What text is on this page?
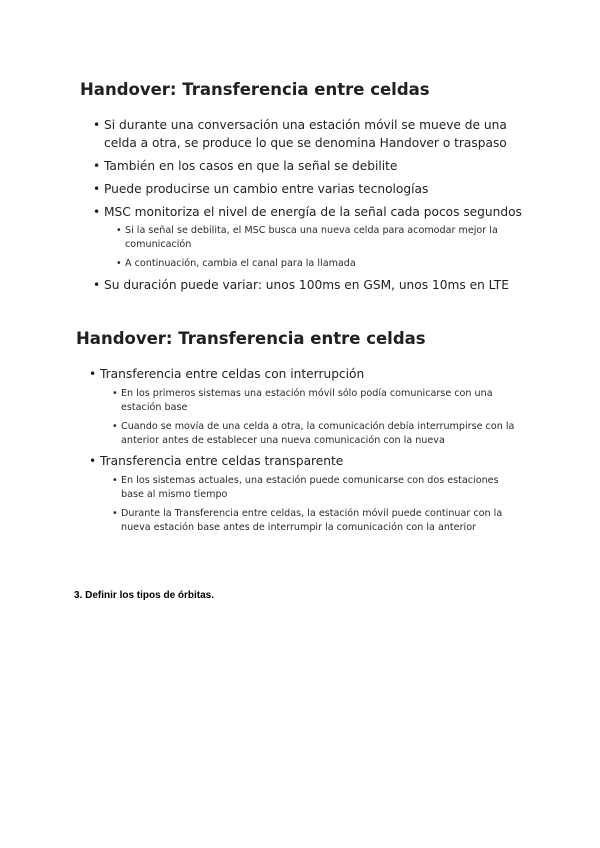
Handover: Transferencia entre celdas
• Si durante una conversación una estación móvil se mueve de una celda a otra, se produce lo que se denomina Handover o traspaso
• También en los casos en que la señal se debilite
• Puede producirse un cambio entre varias tecnologías
• MSC monitoriza el nivel de energía de la señal cada pocos segundos
• Si la señal se debilita, el MSC busca una nueva celda para acomodar mejor la comunicación
• A continuación, cambia el canal para la llamada
• Su duración puede variar: unos 100ms en GSM, unos 10ms en LTE
Handover: Transferencia entre celdas
• Transferencia entre celdas con interrupción
• En los primeros sistemas una estación móvil sólo podía comunicarse con una estación base
• Cuando se movía de una celda a otra, la comunicación debía interrumpirse con la anterior antes de establecer una nueva comunicación con la nueva
• Transferencia entre celdas transparente
• En los sistemas actuales, una estación puede comunicarse con dos estaciones base al mismo tiempo
• Durante la Transferencia entre celdas, la estación móvil puede continuar con la nueva estación base antes de interrumpir la comunicación con la anterior

3. Definir los tipos de órbitas.
